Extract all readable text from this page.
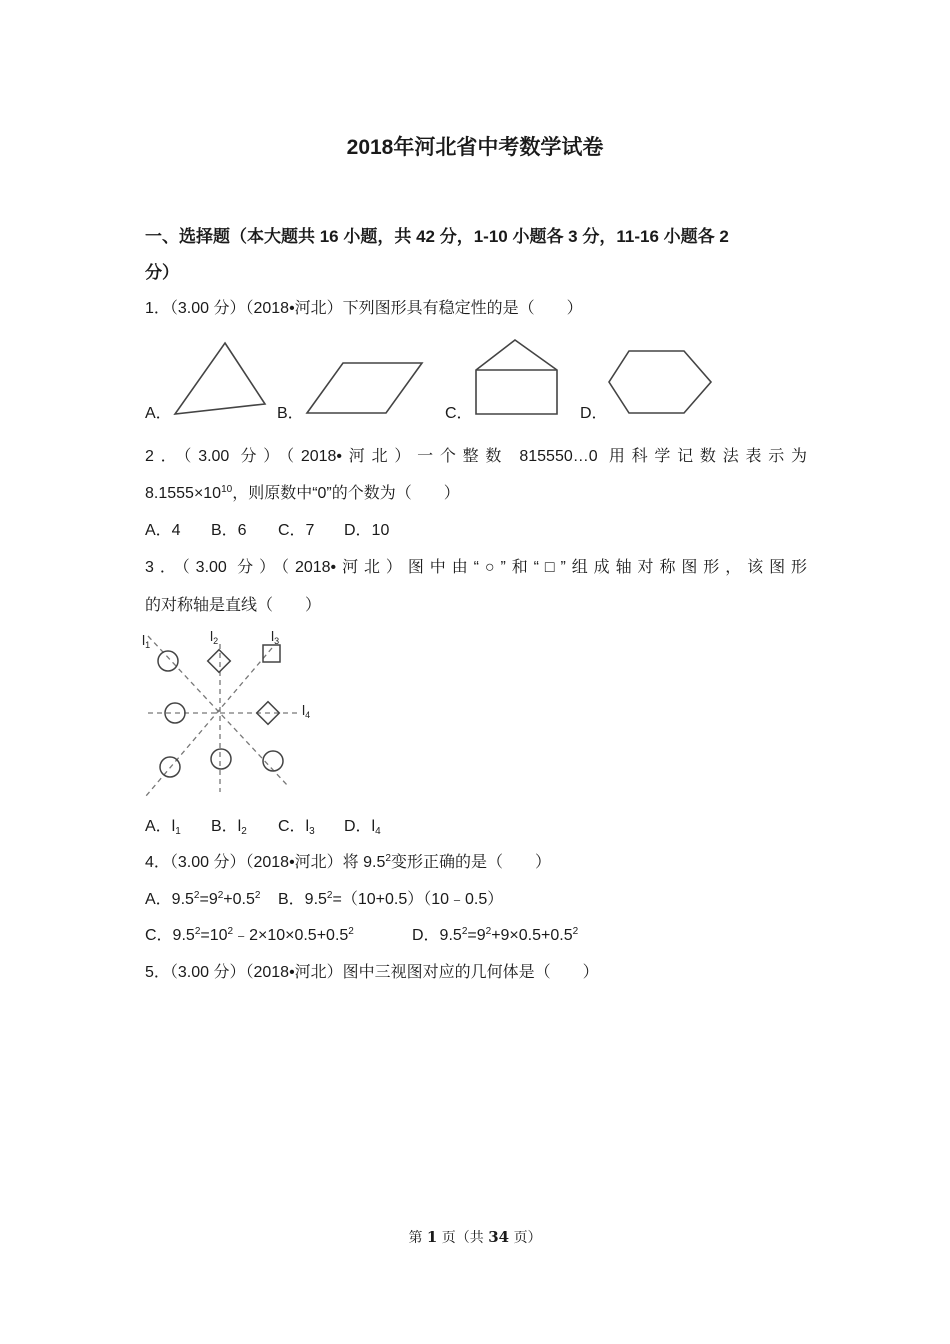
2018年河北省中考数学试卷
一、选择题（本大题共 16 小题，共 42 分，1-10 小题各 3 分，11-16 小题各 2
分）
1．（3.00 分）（2018•河北）下列图形具有稳定性的是（　　）
A．	B．	C．	D．
2．（3.00 分）（2018•河北）一个整数 815550…0 用科学记数法表示为
$8.1555\times 10^{10}$，则原数中“0”的个数为（　　）
A．4 B．6 C．7 D．10
3．（3.00 分）（2018•河北）图中由“○”和“□”组成轴对称图形，该图形
的对称轴是直线（　　）
$l_1$
$l_2$	$l_3$
$l_4$
A．$l_1$ B．$l_2$ C．$l_3$ D．$l_4$
4．（3.00 分）（2018•河北）将 $9.5^2$变形正确的是（　　）
A．$9.5^2=9^2+0.5^2$ B．$9.5^2=(10+0.5)(10﹣0.5)$
C．$9.5^2=10^2﹣2\times 10\times 0.5+0.5^2$	D．$9.5^2=9^2+9\times 0.5+0.5^2$
5．（3.00 分）（2018•河北）图中三视图对应的几何体是（　　）
第 1 页（共 34 页）
